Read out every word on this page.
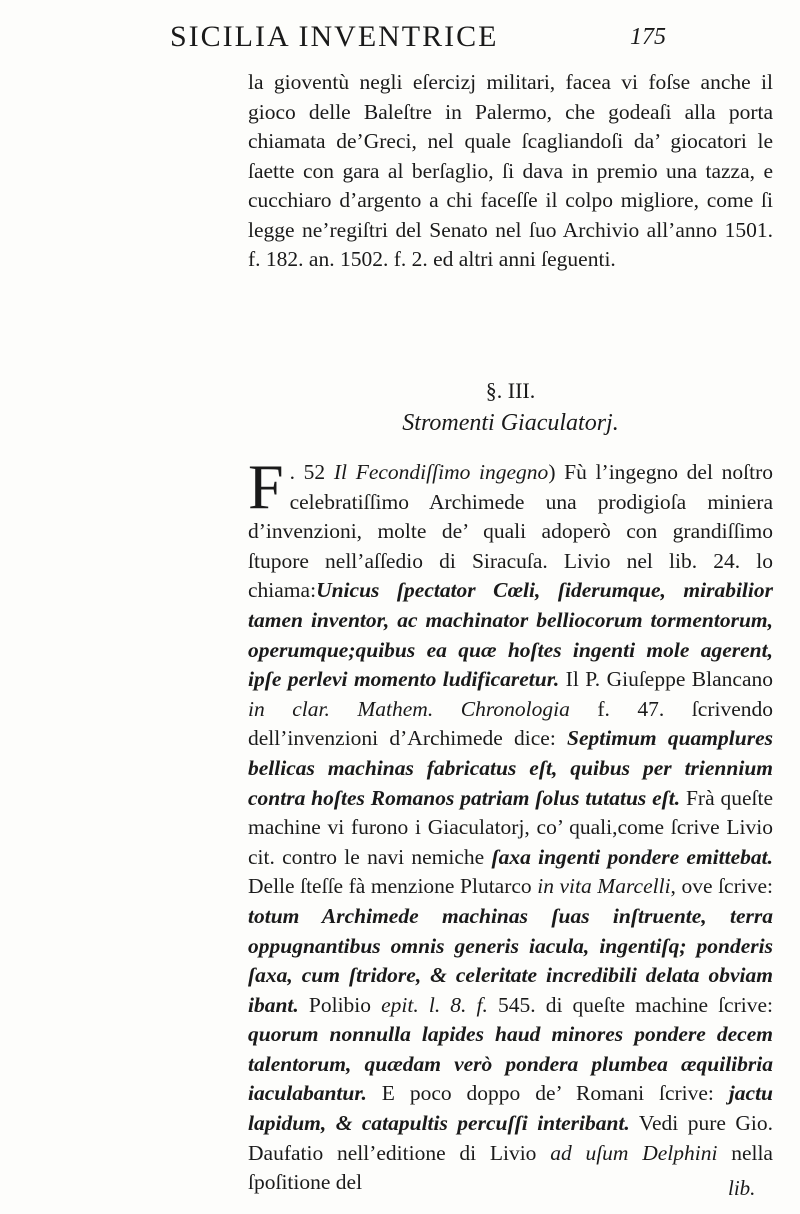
SICILIA INVENTRICE	175

la gioventù negli eſercizj militari, facea vi foſse anche il gioco delle Baleſtre in Palermo, che godeaſi alla porta chiamata de’Greci, nel quale ſcagliandoſi da’ giocatori le ſaette con gara al berſaglio, ſi dava in premio una tazza, e cucchiaro d’argento a chi faceſſe il colpo migliore, come ſi legge ne’regiſtri del Senato nel ſuo Archivio all’anno 1501. f. 182. an. 1502. f. 2. ed altri anni ſeguenti.

§. III.
Stromenti Giaculatorj.
F . 52 Il Fecondiſſimo ingegno) Fù l’ingegno del noſtro celebratiſſimo Archimede una prodigioſa miniera d’invenzioni, molte de’ quali adoperò con grandiſſimo ſtupore nell’aſſedio di Siracuſa. Livio nel lib. 24. lo chiama:Unicus ſpectator Cœli, ſiderumque, mirabilior tamen inventor, ac machinator belliocorum tormentorum, operumque;quibus ea quæ hoſtes ingenti mole agerent, ipſe perlevi momento ludificaretur. Il P. Giuſeppe Blancano in clar. Mathem. Chronologia f. 47. ſcrivendo dell’invenzioni d’Archimede dice: Septimum quamplures bellicas machinas fabricatus eſt, quibus per triennium contra hoſtes Romanos patriam ſolus tutatus eſt. Frà queſte machine vi furono i Giaculatorj, co’ quali,come ſcrive Livio cit. contro le navi nemiche ſaxa ingenti pondere emittebat. Delle ſteſſe fà menzione Plutarco in vita Marcelli, ove ſcrive: totum Archimede machinas ſuas inſtruente, terra oppugnantibus omnis generis iacula, ingentiſq; ponderis ſaxa, cum ſtridore, & celeritate incredibili delata obviam ibant. Polibio epit. l. 8. f. 545. di queſte machine ſcrive: quorum nonnulla lapides haud minores pondere decem talentorum, quædam verò pondera plumbea æquilibria iaculabantur. E poco doppo de’ Romani ſcrive: jactu lapidum, & catapultis percuſſi interibant. Vedi pure Gio. Daufatio nell’editione di Livio ad uſum Delphini nella ſpoſitione del	lib.
